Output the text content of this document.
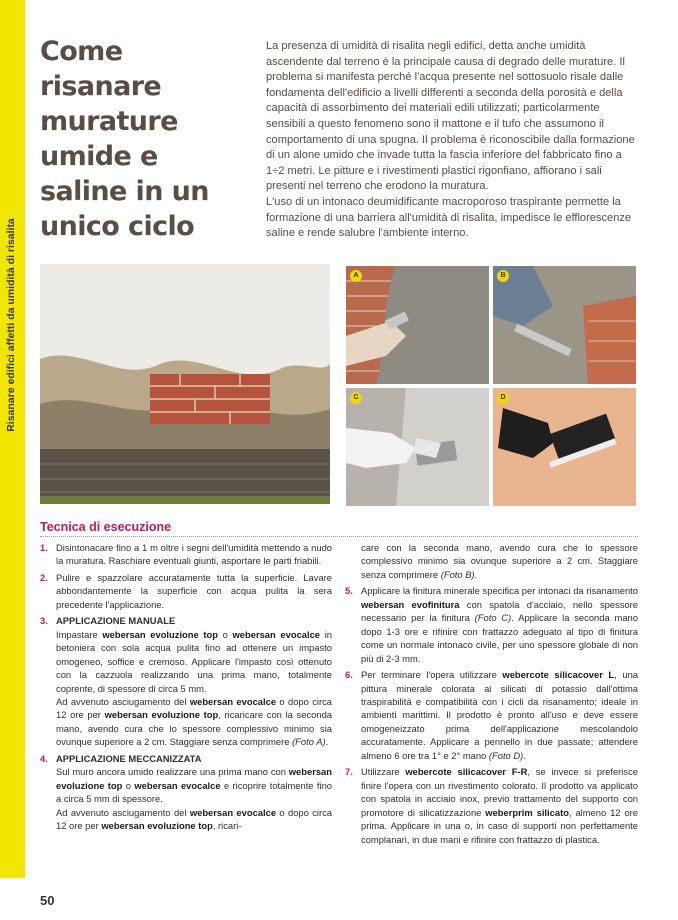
Risanare edifici affetti da umidità di risalita
Come risanare murature umide e saline in un unico ciclo

La presenza di umidità di risalita negli edifici, detta anche umidità ascendente dal terreno è la principale causa di degrado delle murature. Il problema si manifesta perché l'acqua presente nel sottosuolo risale dalle fondamenta dell'edificio a livelli differenti a seconda della porosità e della capacità di assorbimento dei materiali edili utilizzati; particolarmente sensibili a questo fenomeno sono il mattone e il tufo che assumono il comportamento di una spugna. Il problema è riconoscibile dalla formazione di un alone umido che invade tutta la fascia inferiore del fabbricato fino a 1÷2 metri. Le pitture e i rivestimenti plastici rigonfiano, affiorano i sali presenti nel terreno che erodono la muratura.

L'uso di un intonaco deumidificante macroporoso traspirante permette la formazione di una barriera all'umidità di risalita, impedisce le efflorescenze saline e rende salubre l'ambiente interno.

A	B
C	D
Tecnica di esecuzione
1. Disintonacare fino a 1 m oltre i segni dell'umidità mettendo a nudo la muratura. Raschiare eventuali giunti, asportare le parti friabili.

2. Pulire e spazzolare accuratamente tutta la superficie. Lavare abbondantemente la superficie con acqua pulita la sera precedente l'applicazione.

3. APPLICAZIONE MANUALE

Impastare webersan evoluzione top o webersan evocalce in betoniera con sola acqua pulita fino ad ottenere un impasto omogeneo, soffice e cremoso. Applicare l'impasto così ottenuto con la cazzuola realizzando una prima mano, totalmente coprente, di spessore di circa 5 mm.

Ad avvenuto asciugamento del webersan evocalce o dopo circa 12 ore per webersan evoluzione top, ricaricare con la seconda mano, avendo cura che lo spessore complessivo minimo sia ovunque superiore a 2 cm. Staggiare senza comprimere (Foto A).

4. APPLICAZIONE MECCANIZZATA

Sul muro ancora umido realizzare una prima mano con webersan evoluzione top o webersan evocalce e ricoprire totalmente fino a circa 5 mm di spessore.

Ad avvenuto asciugamento del webersan evocalce o dopo circa 12 ore per webersan evoluzione top, ricari-

care con la seconda mano, avendo cura che lo spessore complessivo minimo sia ovunque superiore a 2 cm. Staggiare senza comprimere (Foto B).

5. Applicare la finitura minerale specifica per intonaci da risanamento webersan evofinitura con spatola d'acciaio, nello spessore necessario per la finitura (Foto C). Applicare la seconda mano dopo 1-3 ore e rifinire con frattazzo adeguato al tipo di finitura come un normale intonaco civile, per uno spessore globale di non più di 2-3 mm.

6. Per terminare l'opera utilizzare webercote silicacover L, una pittura minerale colorata ai silicati di potassio dall'ottima traspirabilità e compatibilità con i cicli da risanamento; ideale in ambienti marittimi. Il prodotto è pronto all'uso e deve essere omogeneizzato prima dell'applicazione mescolandolo accuratamente. Applicare a pennello in due passate; attendere almeno 6 ore tra 1° e 2° mano (Foto D).

7. Utilizzare webercote silicacover F-R, se invece si preferisce finire l'opera con un rivestimento colorato. Il prodotto va applicato con spatola in acciaio inox, previo trattamento del supporto con promotore di silicatizzazione weberprim silicato, almeno 12 ore prima. Applicare in una o, in caso di supporti non perfettamente complanari, in due mani e rifinire con frattazzo di plastica.

50
